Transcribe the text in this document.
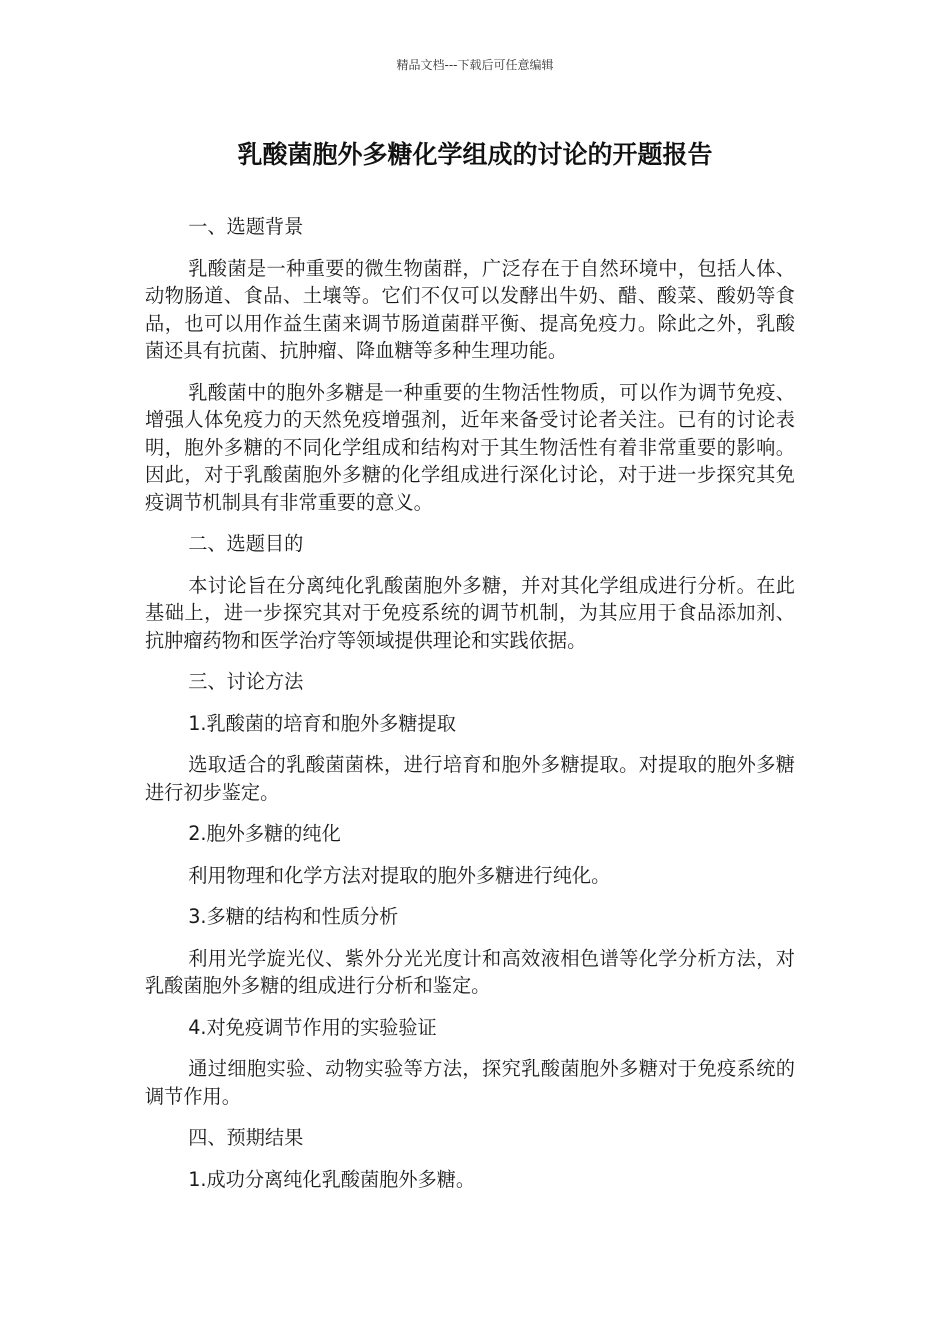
精品文档---下载后可任意编辑
乳酸菌胞外多糖化学组成的讨论的开题报告

一、选题背景

乳酸菌是一种重要的微生物菌群，广泛存在于自然环境中，包括人体、动物肠道、食品、土壤等。它们不仅可以发酵出牛奶、醋、酸菜、酸奶等食品，也可以用作益生菌来调节肠道菌群平衡、提高免疫力。除此之外，乳酸菌还具有抗菌、抗肿瘤、降血糖等多种生理功能。

乳酸菌中的胞外多糖是一种重要的生物活性物质，可以作为调节免疫、增强人体免疫力的天然免疫增强剂，近年来备受讨论者关注。已有的讨论表明，胞外多糖的不同化学组成和结构对于其生物活性有着非常重要的影响。因此，对于乳酸菌胞外多糖的化学组成进行深化讨论，对于进一步探究其免疫调节机制具有非常重要的意义。

二、选题目的

本讨论旨在分离纯化乳酸菌胞外多糖，并对其化学组成进行分析。在此基础上，进一步探究其对于免疫系统的调节机制，为其应用于食品添加剂、抗肿瘤药物和医学治疗等领域提供理论和实践依据。

三、讨论方法

1.乳酸菌的培育和胞外多糖提取

选取适合的乳酸菌菌株，进行培育和胞外多糖提取。对提取的胞外多糖进行初步鉴定。

2.胞外多糖的纯化

利用物理和化学方法对提取的胞外多糖进行纯化。

3.多糖的结构和性质分析

利用光学旋光仪、紫外分光光度计和高效液相色谱等化学分析方法，对乳酸菌胞外多糖的组成进行分析和鉴定。

4.对免疫调节作用的实验验证

通过细胞实验、动物实验等方法，探究乳酸菌胞外多糖对于免疫系统的调节作用。

四、预期结果

1.成功分离纯化乳酸菌胞外多糖。
